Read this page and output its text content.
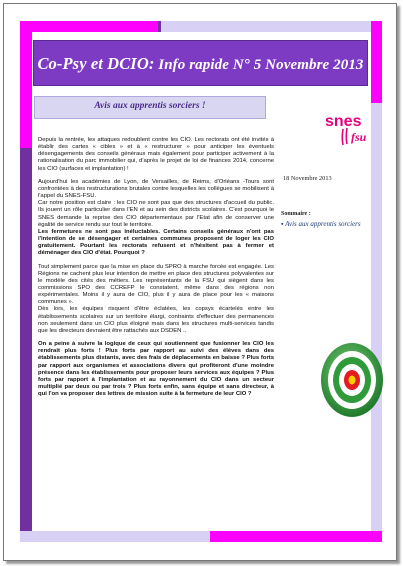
Co-Psy et DCIO: Info rapide N° 5 Novembre 2013
Avis aux apprentis sorciers !
snes
fsu
18 Novembre 2013
Sommaire :
▪ Avis aux apprentis sorciers

Depuis la rentrée, les attaques redoublent contre les CIO. Les rectorats ont été invités à établir des cartes « cibles » et à « restructurer » pour anticiper les éventuels désengagements des conseils généraux mais également pour participer activement à la rationalisation du parc immobilier qui, d'après le projet de loi de finances 2014, concerne les CIO (surfaces et implantation) !

Aujourd'hui les académies de Lyon, de Versailles, de Reims, d'Orléans -Tours sont confrontées à des restructurations brutales contre lesquelles les collègues se mobilisent à l'appel du SNES-FSU.

Car notre position est claire : les CIO ne sont pas que des structures d'accueil du public. Ils jouent un rôle particulier dans l'EN et au sein des districts scolaires. C'est pourquoi le SNES demande la reprise des CIO départementaux par l'Etat afin de conserver une égalité de service rendu sur tout le territoire.

Les fermetures ne sont pas inéluctables. Certains conseils généraux n'ont pas l'intention de se désengager et certaines communes proposent de loger les CIO gratuitement. Pourtant les rectorats refusent et n'hésitent pas à fermer et déménager des CIO d'état. Pourquoi ?

Tout simplement parce que la mise en place du SPRO à marche forcée est engagée. Les Régions ne cachent plus leur intention de mettre en place des structures polyvalentes sur le modèle des cités des métiers. Les représentants de la FSU qui siègent dans les commissions SPO des CCREFP le constatent, même dans des régions non expérimentales. Moins il y aura de CIO, plus il y aura de place pour les « maisons communes ».

Dès lors, les équipes risquent d'être éclatées, les copsys écartelés entre les établissements scolaires sur un territoire élargi, contraints d'effectuer des permanences non seulement dans un CIO plus éloigné mais dans les structures multi-services tandis que les directeurs devraient être rattachés aux DSDEN ..

On a peine à suivre la logique de ceux qui soutiennent que fusionner les CIO les rendrait plus forts ! Plus forts par rapport au suivi des élèves dans des établissements plus distants, avec des frais de déplacements en baisse ? Plus forts par rapport aux organismes et associations divers qui profiteront d'une moindre présence dans les établissements pour proposer leurs services aux équipes ? Plus forts par rapport à l'implantation et au rayonnement du CIO dans un secteur multiplié par deux ou par trois ? Plus forts enfin, sans équipe et sans directeur, à qui l'on va proposer des lettres de mission suite à la fermeture de leur CIO ?
